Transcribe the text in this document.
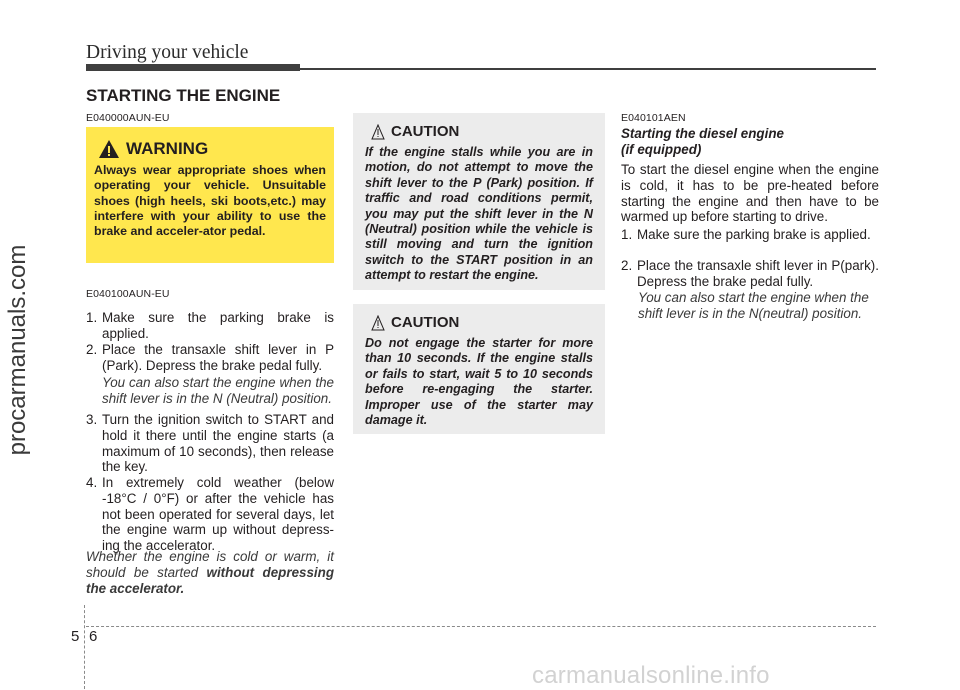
Driving your vehicle
procarmanuals.com
STARTING THE ENGINE
E040000AUN-EU
WARNING
Always wear appropriate shoes when operating your vehicle. Unsuitable shoes (high heels, ski boots,etc.) may interfere with your ability to use the brake and acceler-ator pedal.
E040100AUN-EU
1. Make sure the parking brake is applied.
2. Place the transaxle shift lever in P (Park). Depress the brake pedal fully.
You can also start the engine when the shift lever is in the N (Neutral) position.
3. Turn the ignition switch to START and hold it there until the engine starts (a maximum of 10 seconds), then release the key.
4. In extremely cold weather (below -18°C / 0°F) or after the vehicle has not been operated for several days, let the engine warm up without depress-ing the accelerator.
Whether the engine is cold or warm, it should be started without depressing the accelerator.
CAUTION
If the engine stalls while you are in motion, do not attempt to move the shift lever to the P (Park) position. If traffic and road conditions permit, you may put the shift lever in the N (Neutral) position while the vehicle is still moving and turn the ignition switch to the START position in an attempt to restart the engine.
CAUTION
Do not engage the starter for more than 10 seconds. If the engine stalls or fails to start, wait 5 to 10 seconds before re-engaging the starter. Improper use of the starter may damage it.
E040101AEN
Starting the diesel engine
(if equipped)
To start the diesel engine when the engine is cold, it has to be pre-heated before starting the engine and then have to be warmed up before starting to drive.
1. Make sure the parking brake is applied.
2. Place the transaxle shift lever in P(park). Depress the brake pedal fully.
You can also start the engine when the shift lever is in the N(neutral) position.
5 6
carmanualsonline.info
